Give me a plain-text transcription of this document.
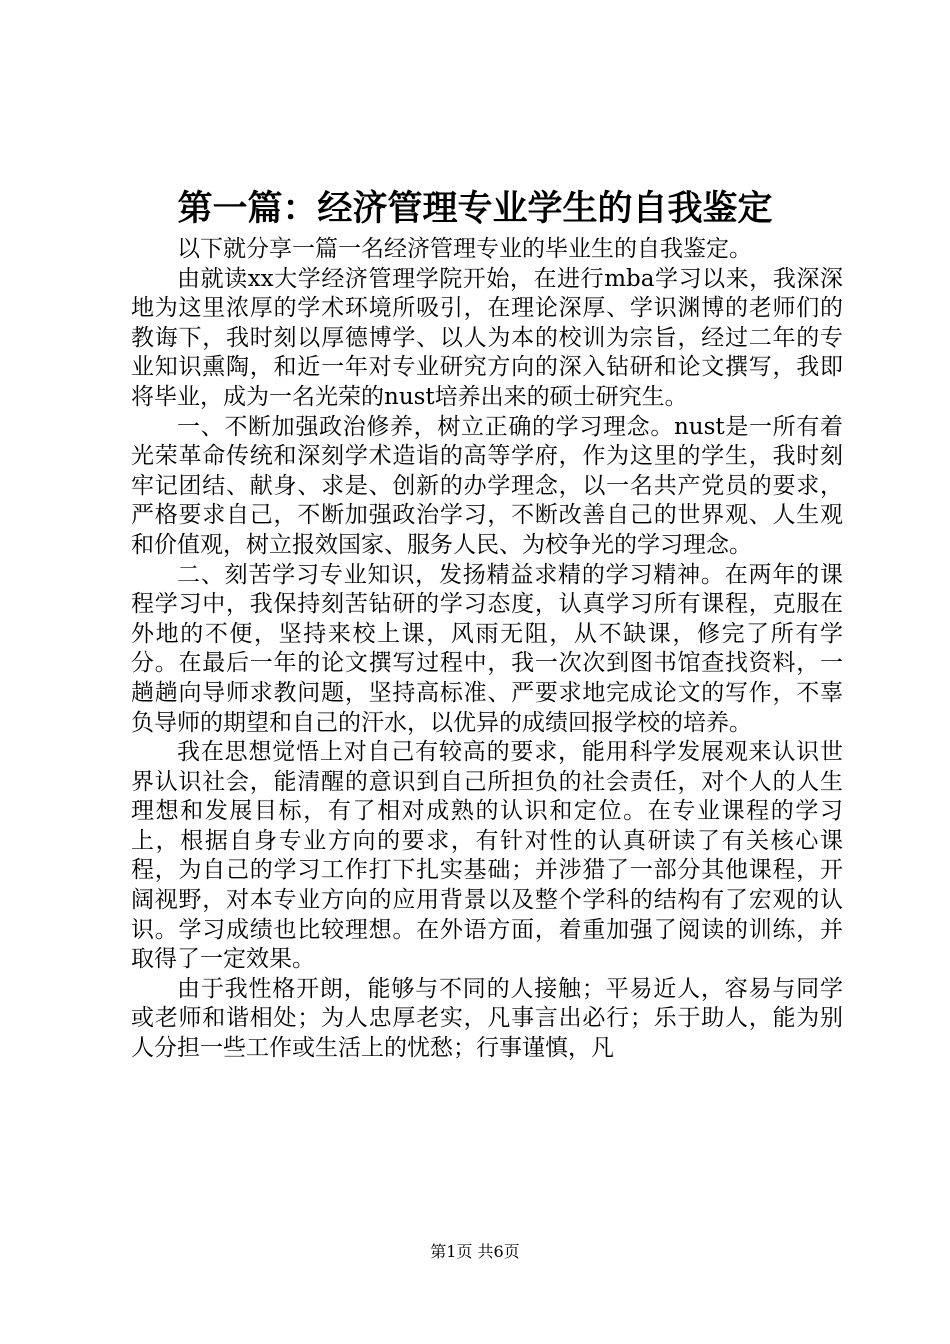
第一篇：经济管理专业学生的自我鉴定

以下就分享一篇一名经济管理专业的毕业生的自我鉴定。

由就读xx大学经济管理学院开始，在进行mba学习以来，我深深地为这里浓厚的学术环境所吸引，在理论深厚、学识渊博的老师们的教诲下，我时刻以厚德博学、以人为本的校训为宗旨，经过二年的专业知识熏陶，和近一年对专业研究方向的深入钻研和论文撰写，我即将毕业，成为一名光荣的nust培养出来的硕士研究生。

一、不断加强政治修养，树立正确的学习理念。nust是一所有着光荣革命传统和深刻学术造诣的高等学府，作为这里的学生，我时刻牢记团结、献身、求是、创新的办学理念，以一名共产党员的要求，严格要求自己，不断加强政治学习，不断改善自己的世界观、人生观和价值观，树立报效国家、服务人民、为校争光的学习理念。

二、刻苦学习专业知识，发扬精益求精的学习精神。在两年的课程学习中，我保持刻苦钻研的学习态度，认真学习所有课程，克服在外地的不便，坚持来校上课，风雨无阻，从不缺课，修完了所有学分。在最后一年的论文撰写过程中，我一次次到图书馆查找资料，一趟趟向导师求教问题，坚持高标准、严要求地完成论文的写作，不辜负导师的期望和自己的汗水，以优异的成绩回报学校的培养。

我在思想觉悟上对自己有较高的要求，能用科学发展观来认识世界认识社会，能清醒的意识到自己所担负的社会责任，对个人的人生理想和发展目标，有了相对成熟的认识和定位。在专业课程的学习上，根据自身专业方向的要求，有针对性的认真研读了有关核心课程，为自己的学习工作打下扎实基础；并涉猎了一部分其他课程，开阔视野，对本专业方向的应用背景以及整个学科的结构有了宏观的认识。学习成绩也比较理想。在外语方面，着重加强了阅读的训练，并取得了一定效果。

由于我性格开朗，能够与不同的人接触；平易近人，容易与同学或老师和谐相处；为人忠厚老实，凡事言出必行；乐于助人，能为别人分担一些工作或生活上的忧愁；行事谨慎，凡

第1页 共6页
